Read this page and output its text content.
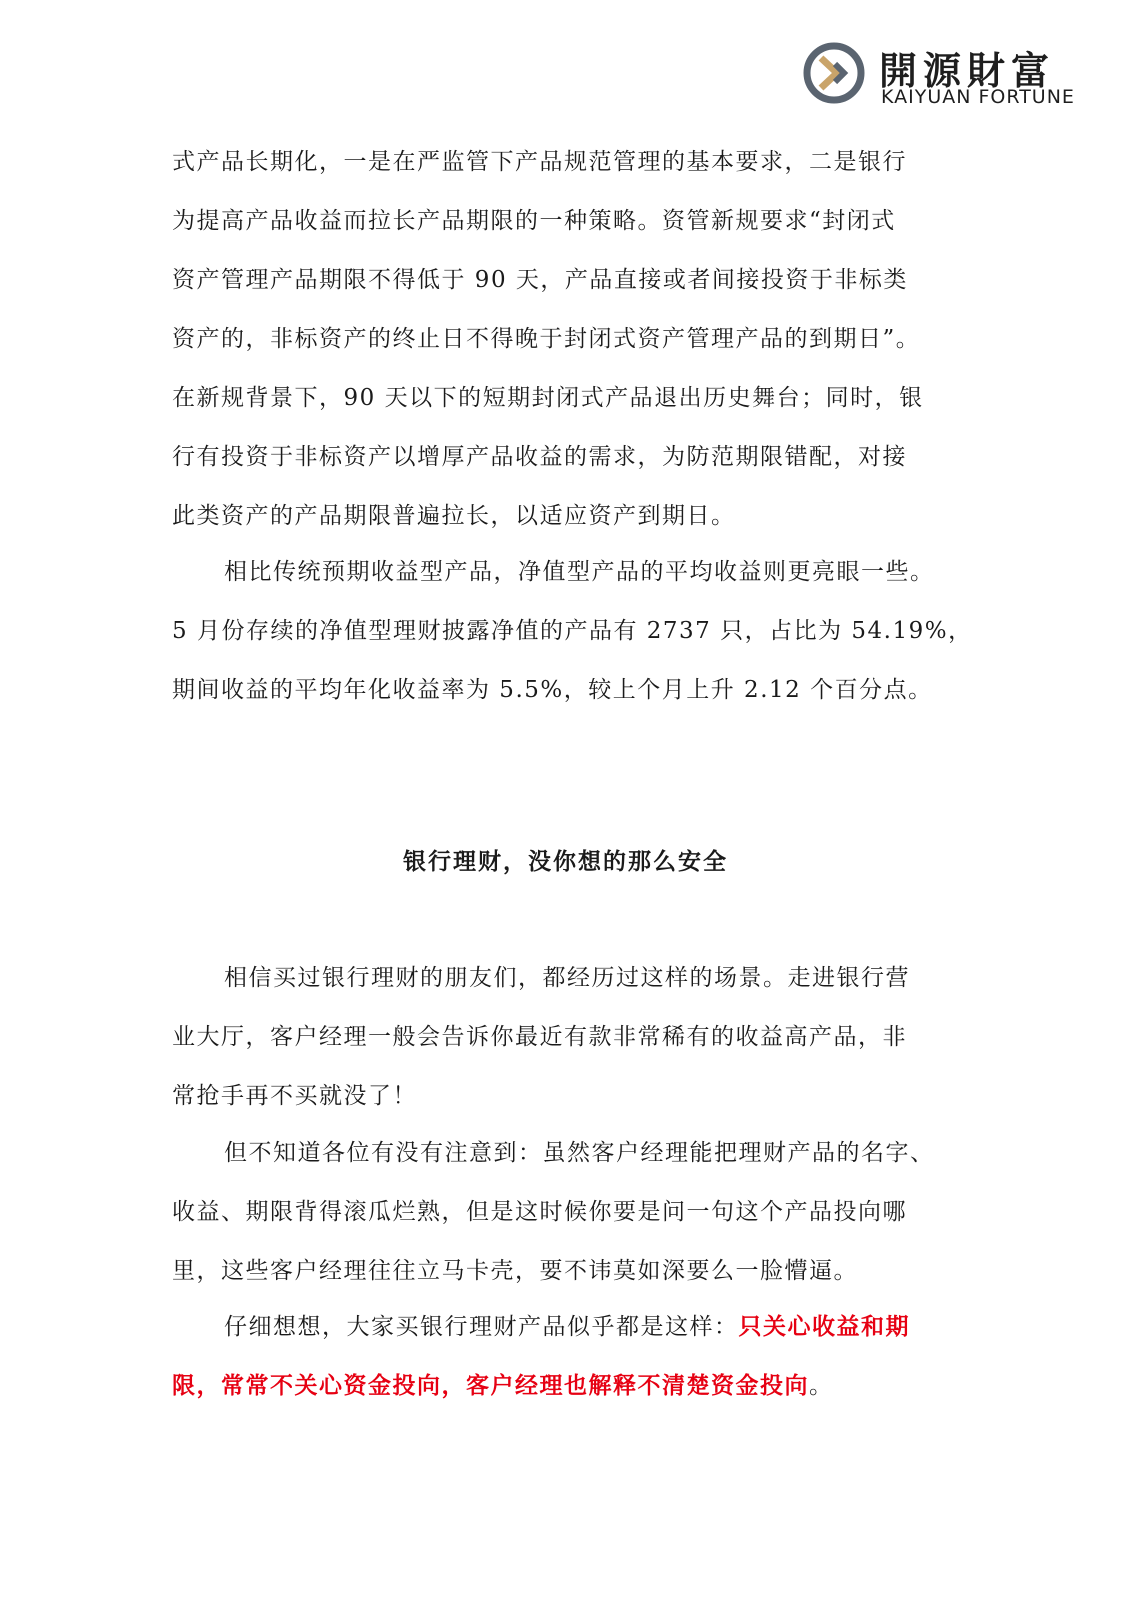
開源財富
KAIYUAN FORTUNE

式产品长期化，一是在严监管下产品规范管理的基本要求，二是银行
为提高产品收益而拉长产品期限的一种策略。资管新规要求“封闭式
资产管理产品期限不得低于 90 天，产品直接或者间接投资于非标类
资产的，非标资产的终止日不得晚于封闭式资产管理产品的到期日”。
在新规背景下，90 天以下的短期封闭式产品退出历史舞台；同时，银
行有投资于非标资产以增厚产品收益的需求，为防范期限错配，对接
此类资产的产品期限普遍拉长，以适应资产到期日。

相比传统预期收益型产品，净值型产品的平均收益则更亮眼一些。
5 月份存续的净值型理财披露净值的产品有 2737 只，占比为 54.19%，
期间收益的平均年化收益率为 5.5%，较上个月上升 2.12 个百分点。

银行理财，没你想的那么安全

相信买过银行理财的朋友们，都经历过这样的场景。走进银行营
业大厅，客户经理一般会告诉你最近有款非常稀有的收益高产品，非
常抢手再不买就没了！

但不知道各位有没有注意到：虽然客户经理能把理财产品的名字、
收益、期限背得滚瓜烂熟，但是这时候你要是问一句这个产品投向哪
里，这些客户经理往往立马卡壳，要不讳莫如深要么一脸懵逼。

仔细想想，大家买银行理财产品似乎都是这样：只关心收益和期
限，常常不关心资金投向，客户经理也解释不清楚资金投向。
